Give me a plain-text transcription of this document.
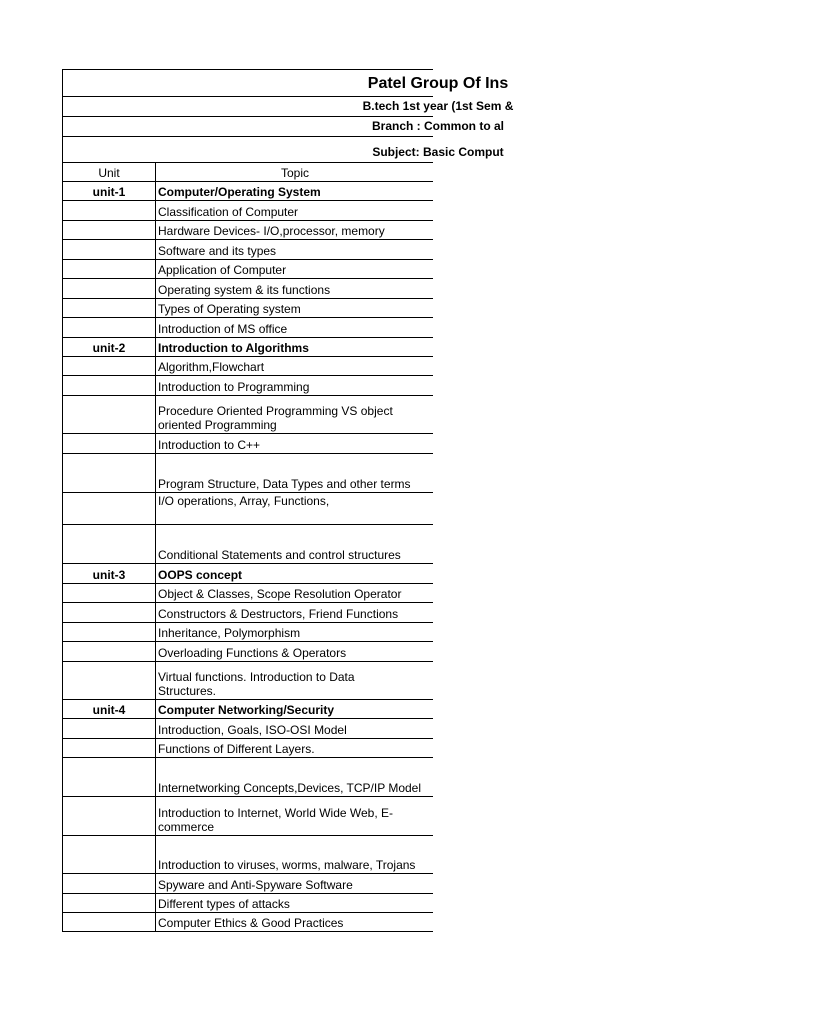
Patel Group Of Ins
B.tech 1st year (1st Sem &
Branch : Common to al
Subject: Basic Comput
Unit	Topic
unit-1	Computer/Operating System
Classification of Computer
Hardware Devices- I/O,processor, memory
Software and its types
Application of Computer
Operating system & its functions
Types of Operating system
Introduction of MS office
unit-2	Introduction to Algorithms
Algorithm,Flowchart
Introduction to Programming
Procedure Oriented Programming VS object oriented Programming
Introduction to C++
Program Structure, Data Types and other terms
I/O operations, Array, Functions,
Conditional Statements and control structures
unit-3	OOPS concept
Object & Classes, Scope Resolution Operator
Constructors & Destructors, Friend Functions
Inheritance, Polymorphism
Overloading Functions & Operators
Virtual functions. Introduction to Data Structures.
unit-4	Computer Networking/Security
Introduction, Goals, ISO-OSI Model
Functions of Different Layers.
Internetworking Concepts,Devices, TCP/IP Model
Introduction to Internet, World Wide Web, E-commerce
Introduction to viruses, worms, malware, Trojans
Spyware and Anti-Spyware Software
Different types of attacks
Computer Ethics & Good Practices
